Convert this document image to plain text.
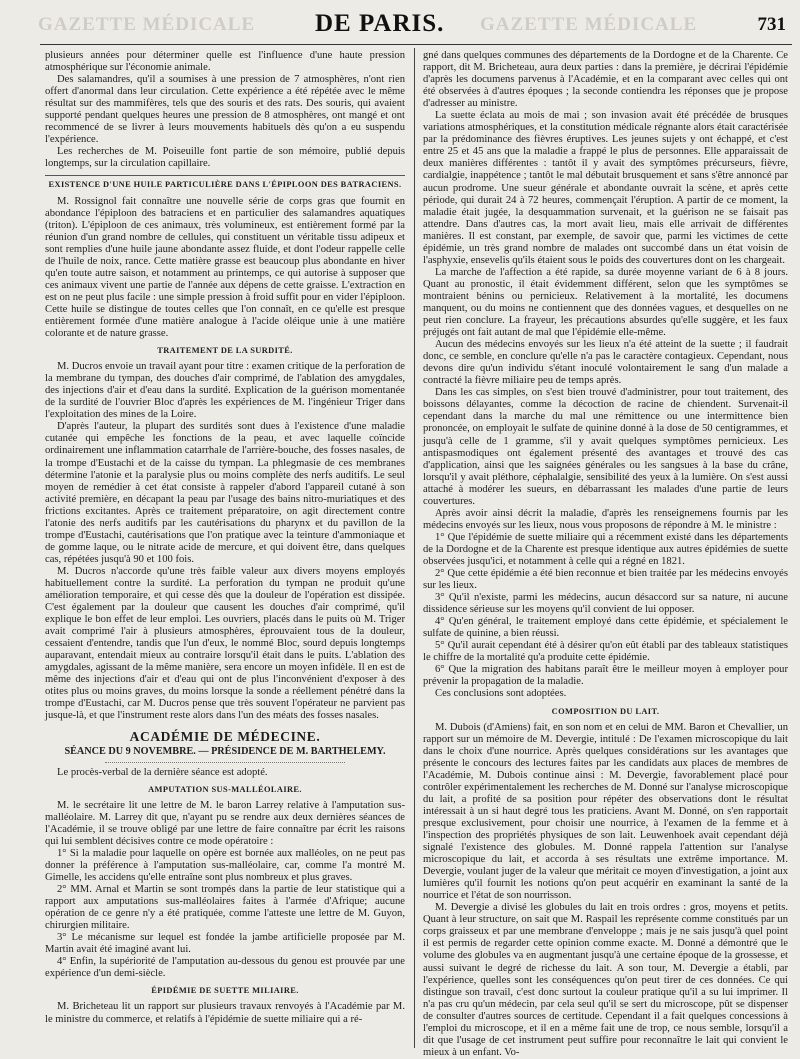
GAZETTE MÉDICALE	GAZETTE MÉDICALE
DE PARIS.	731

plusieurs années pour déterminer quelle est l'influence d'une haute pression atmosphérique sur l'économie animale.

Des salamandres, qu'il a soumises à une pression de 7 atmosphères, n'ont rien offert d'anormal dans leur circulation. Cette expérience a été répétée avec le même résultat sur des mammifères, tels que des souris et des rats. Des souris, qui avaient supporté pendant quelques heures une pression de 8 atmosphères, ont mangé et ont recommencé de se livrer à leurs mouvements habituels dès qu'on a eu suspendu l'expérience.

Les recherches de M. Poiseuille font partie de son mémoire, publié depuis longtemps, sur la circulation capillaire.

EXISTENCE D'UNE HUILE PARTICULIÈRE DANS L'ÉPIPLOON DES BATRACIENS.

M. Rossignol fait connaître une nouvelle série de corps gras que fournit en abondance l'épiploon des batraciens et en particulier des salamandres aquatiques (triton). L'épiploon de ces animaux, très volumineux, est entièrement formé par la réunion d'un grand nombre de cellules, qui constituent un véritable tissu adipeux et sont remplies d'une huile jaune abondante assez fluide, et dont l'odeur rappelle celle de l'huile de noix, rance. Cette matière grasse est beaucoup plus abondante en hiver qu'en toute autre saison, et notamment au printemps, ce qui autorise à supposer que ces animaux vivent une partie de l'année aux dépens de cette graisse. L'extraction en est on ne peut plus facile : une simple pression à froid suffit pour en vider l'épiploon. Cette huile se distingue de toutes celles que l'on connaît, en ce qu'elle est presque entièrement formée d'une matière analogue à l'acide oléique unie à une matière colorante et de nature grasse.

TRAITEMENT DE LA SURDITÉ.

M. Ducros envoie un travail ayant pour titre : examen critique de la perforation de la membrane du tympan, des douches d'air comprimé, de l'ablation des amygdales, des injections d'air et d'eau dans la surdité. Explication de la guérison momentanée de la surdité de l'ouvrier Bloc d'après les expériences de M. l'ingénieur Triger dans l'exploitation des mines de la Loire.

D'après l'auteur, la plupart des surdités sont dues à l'existence d'une maladie cutanée qui empêche les fonctions de la peau, et avec laquelle coïncide ordinairement une inflammation catarrhale de l'arrière-bouche, des fosses nasales, de la trompe d'Eustachi et de la caisse du tympan. La phlegmasie de ces membranes détermine l'atonie et la paralysie plus ou moins complète des nerfs auditifs. Le seul moyen de remédier à cet état consiste à rappeler d'abord l'appareil cutané à son activité première, en décapant la peau par l'usage des bains nitro-muriatiques et des frictions excitantes. Après ce traitement préparatoire, on agit directement contre l'atonie des nerfs auditifs par les cautérisations du pharynx et du pavillon de la trompe d'Eustachi, cautérisations que l'on pratique avec la teinture d'ammoniaque et de gomme laque, ou le nitrate acide de mercure, et qui doivent être, dans quelques cas, répétées jusqu'à 90 et 100 fois.

M. Ducros n'accorde qu'une très faible valeur aux divers moyens employés habituellement contre la surdité. La perforation du tympan ne produit qu'une amélioration temporaire, et qui cesse dès que la douleur de l'opération est dissipée. C'est également par la douleur que causent les douches d'air comprimé, qu'il explique le bon effet de leur emploi. Les ouvriers, placés dans le puits où M. Triger avait comprimé l'air à plusieurs atmosphères, éprouvaient tous de la douleur, cessaient d'entendre, tandis que l'un d'eux, le nommé Bloc, sourd depuis longtemps auparavant, entendait mieux au contraire lorsqu'il était dans le puits. L'ablation des amygdales, agissant de la même manière, sera encore un moyen infidèle. Il en est de même des injections d'air et d'eau qui ont de plus l'inconvénient d'exposer à des otites plus ou moins graves, du moins lorsque la sonde a réellement pénétré dans la trompe d'Eustachi, car M. Ducros pense que très souvent l'opérateur ne parvient pas jusque-là, et que l'instrument reste alors dans l'un des méats des fosses nasales.

ACADÉMIE DE MÉDECINE.
SÉANCE DU 9 NOVEMBRE. — PRÉSIDENCE DE M. BARTHELEMY.

Le procès-verbal de la dernière séance est adopté.

AMPUTATION SUS-MALLÉOLAIRE.

M. le secrétaire lit une lettre de M. le baron Larrey relative à l'amputation sus-malléolaire. M. Larrey dit que, n'ayant pu se rendre aux deux dernières séances de l'Académie, il se trouve obligé par une lettre de faire connaître par écrit les raisons qui lui semblent décisives contre ce mode opératoire :

1° Si la maladie pour laquelle on opère est bornée aux malléoles, on ne peut pas donner la préférence à l'amputation sus-malléolaire, car, comme l'a montré M. Gimelle, les accidens qu'elle entraîne sont plus nombreux et plus graves.

2° MM. Arnal et Martin se sont trompés dans la partie de leur statistique qui a rapport aux amputations sus-malléolaires faites à l'armée d'Afrique; aucune opération de ce genre n'y a été pratiquée, comme l'atteste une lettre de M. Guyon, chirurgien militaire.

3° Le mécanisme sur lequel est fondée la jambe artificielle proposée par M. Martin avait été imaginé avant lui.

4° Enfin, la supériorité de l'amputation au-dessous du genou est prouvée par une expérience d'un demi-siècle.

ÉPIDÉMIE DE SUETTE MILIAIRE.

M. Bricheteau lit un rapport sur plusieurs travaux renvoyés à l'Académie par M. le ministre du commerce, et relatifs à l'épidémie de suette miliaire qui a ré-

gné dans quelques communes des départements de la Dordogne et de la Charente. Ce rapport, dit M. Bricheteau, aura deux parties : dans la première, je décrirai l'épidémie d'après les documens parvenus à l'Académie, et en la comparant avec celles qui ont été observées à d'autres époques ; la seconde contiendra les réponses que je propose d'adresser au ministre.

La suette éclata au mois de mai ; son invasion avait été précédée de brusques variations atmosphériques, et la constitution médicale régnante alors était caractérisée par la prédominance des fièvres éruptives. Les jeunes sujets y ont échappé, et c'est entre 25 et 45 ans que la maladie a frappé le plus de personnes. Elle apparaissait de deux manières différentes : tantôt il y avait des symptômes précurseurs, fièvre, cardialgie, inappétence ; tantôt le mal débutait brusquement et sans s'être annoncé par aucun prodrome. Une sueur générale et abondante ouvrait la scène, et après cette période, qui durait 24 à 72 heures, commençait l'éruption. A partir de ce moment, la maladie était jugée, la desquammation survenait, et la guérison ne se faisait pas attendre. Dans d'autres cas, la mort avait lieu, mais elle arrivait de différentes manières. Il est constant, par exemple, de savoir que, parmi les victimes de cette épidémie, un très grand nombre de malades ont succombé dans un état voisin de l'asphyxie, ensevelis qu'ils étaient sous le poids des couvertures dont on les chargeait.

La marche de l'affection a été rapide, sa durée moyenne variant de 6 à 8 jours. Quant au pronostic, il était évidemment différent, selon que les symptômes se montraient bénins ou pernicieux. Relativement à la mortalité, les documens manquent, ou du moins ne contiennent que des données vagues, et desquelles on ne peut rien conclure. La frayeur, les précautions absurdes qu'elle suggère, et les faux préjugés ont fait autant de mal que l'épidémie elle-même.

Aucun des médecins envoyés sur les lieux n'a été atteint de la suette ; il faudrait donc, ce semble, en conclure qu'elle n'a pas le caractère contagieux. Cependant, nous devons dire qu'un individu s'étant inoculé volontairement le sang d'un malade a contracté la fièvre miliaire peu de temps après.

Dans les cas simples, on s'est bien trouvé d'administrer, pour tout traitement, des boissons délayantes, comme la décoction de racine de chiendent. Survenait-il cependant dans la marche du mal une rémittence ou une intermittence bien prononcée, on employait le sulfate de quinine donné à la dose de 50 centigrammes, et jusqu'à celle de 1 gramme, s'il y avait quelques symptômes pernicieux. Les antispasmodiques ont également présenté des avantages et trouvé des cas d'application, ainsi que les saignées générales ou les sangsues à la base du crâne, lorsqu'il y avait pléthore, céphalalgie, sensibilité des yeux à la lumière. On s'est aussi attaché à modérer les sueurs, en débarrassant les malades d'une partie de leurs couvertures.

Après avoir ainsi décrit la maladie, d'après les renseignemens fournis par les médecins envoyés sur les lieux, nous vous proposons de répondre à M. le ministre :

1° Que l'épidémie de suette miliaire qui a récemment existé dans les départements de la Dordogne et de la Charente est presque identique aux autres épidémies de suette observées jusqu'ici, et notamment à celle qui a régné en 1821.

2° Que cette épidémie a été bien reconnue et bien traitée par les médecins envoyés sur les lieux.

3° Qu'il n'existe, parmi les médecins, aucun désaccord sur sa nature, ni aucune dissidence sérieuse sur les moyens qu'il convient de lui opposer.

4° Qu'en général, le traitement employé dans cette épidémie, et spécialement le sulfate de quinine, a bien réussi.

5° Qu'il aurait cependant été à désirer qu'on eût établi par des tableaux statistiques le chiffre de la mortalité qu'a produite cette épidémie.

6° Que la migration des habitans paraît être le meilleur moyen à employer pour prévenir la propagation de la maladie.

Ces conclusions sont adoptées.

COMPOSITION DU LAIT.

M. Dubois (d'Amiens) fait, en son nom et en celui de MM. Baron et Chevallier, un rapport sur un mémoire de M. Devergie, intitulé : De l'examen microscopique du lait dans le choix d'une nourrice. Après quelques considérations sur les avantages que présente le concours des lectures faites par les candidats aux places de membres de l'Académie, M. Dubois continue ainsi : M. Devergie, favorablement placé pour contrôler expérimentalement les recherches de M. Donné sur l'analyse microscopique du lait, a profité de sa position pour répéter des observations dont le résultat intéressait à un si haut degré tous les praticiens. Avant M. Donné, on s'en rapportait presque exclusivement, pour choisir une nourrice, à l'examen de la femme et à l'inspection des propriétés physiques de son lait. Leuwenhoek avait cependant déjà signalé l'existence des globules. M. Donné rappela l'attention sur l'analyse microscopique du lait, et accorda à ses résultats une extrême importance. M. Devergie, voulant juger de la valeur que méritait ce moyen d'investigation, a joint aux lumières qu'il fournit les notions qu'on peut acquérir en examinant la santé de la nourrice et l'état de son nourrisson.

M. Devergie a divisé les globules du lait en trois ordres : gros, moyens et petits. Quant à leur structure, on sait que M. Raspail les représente comme constitués par un corps graisseux et par une membrane d'enveloppe ; mais je ne sais jusqu'à quel point il est permis de regarder cette opinion comme exacte. M. Donné a démontré que le volume des globules va en augmentant jusqu'à une certaine époque de la grossesse, et aussi suivant le degré de richesse du lait. A son tour, M. Devergie a établi, par l'expérience, quelles sont les conséquences qu'on peut tirer de ces données. Ce qui distingue son travail, c'est donc surtout la couleur pratique qu'il a su lui imprimer. Il n'a pas cru qu'un médecin, par cela seul qu'il se sert du microscope, pût se dispenser de consulter d'autres sources de certitude. Cependant il a fait quelques concessions à l'emploi du microscope, et il en a même fait une de trop, ce nous semble, lorsqu'il a dit que l'usage de cet instrument peut suffire pour reconnaître le lait qui convient le mieux à un enfant. Vo-
